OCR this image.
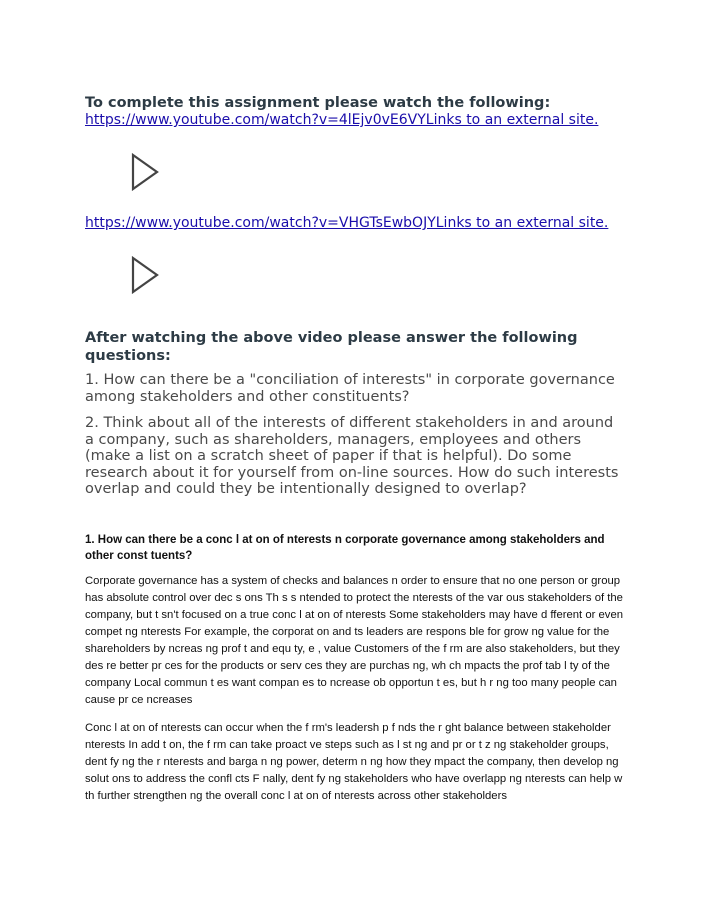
To complete this assignment please watch the following:
https://www.youtube.com/watch?v=4lEjv0vE6VYLinks to an external site.
https://www.youtube.com/watch?v=VHGTsEwbOJYLinks to an external site.
After watching the above video please answer the following questions:

1. How can there be a "conciliation of interests" in corporate governance among stakeholders and other constituents?

2. Think about all of the interests of different stakeholders in and around a company, such as shareholders, managers, employees and others (make a list on a scratch sheet of paper if that is helpful). Do some research about it for yourself from on-line sources. How do such interests overlap and could they be intentionally designed to overlap?

1. How can there be a conc l at on of nterests n corporate governance among stakeholders and other const tuents?

Corporate governance has a system of checks and balances n order to ensure that no one person or group has absolute control over dec s ons Th s s ntended to protect the nterests of the var ous stakeholders of the company, but t sn't focused on a true conc l at on of nterests Some stakeholders may have d fferent or even compet ng nterests For example, the corporat on and ts leaders are respons ble for grow ng value for the shareholders by ncreas ng prof t and equ ty, e , value Customers of the f rm are also stakeholders, but they des re better pr ces for the products or serv ces they are purchas ng, wh ch mpacts the prof tab l ty of the company Local commun t es want compan es to ncrease ob opportun t es, but h r ng too many people can cause pr ce ncreases

Conc l at on of nterests can occur when the f rm's leadersh p f nds the r ght balance between stakeholder nterests In add t on, the f rm can take proact ve steps such as l st ng and pr or t z ng stakeholder groups, dent fy ng the r nterests and barga n ng power, determ n ng how they mpact the company, then develop ng solut ons to address the confl cts F nally, dent fy ng stakeholders who have overlapp ng nterests can help w th further strengthen ng the overall conc l at on of nterests across other stakeholders
